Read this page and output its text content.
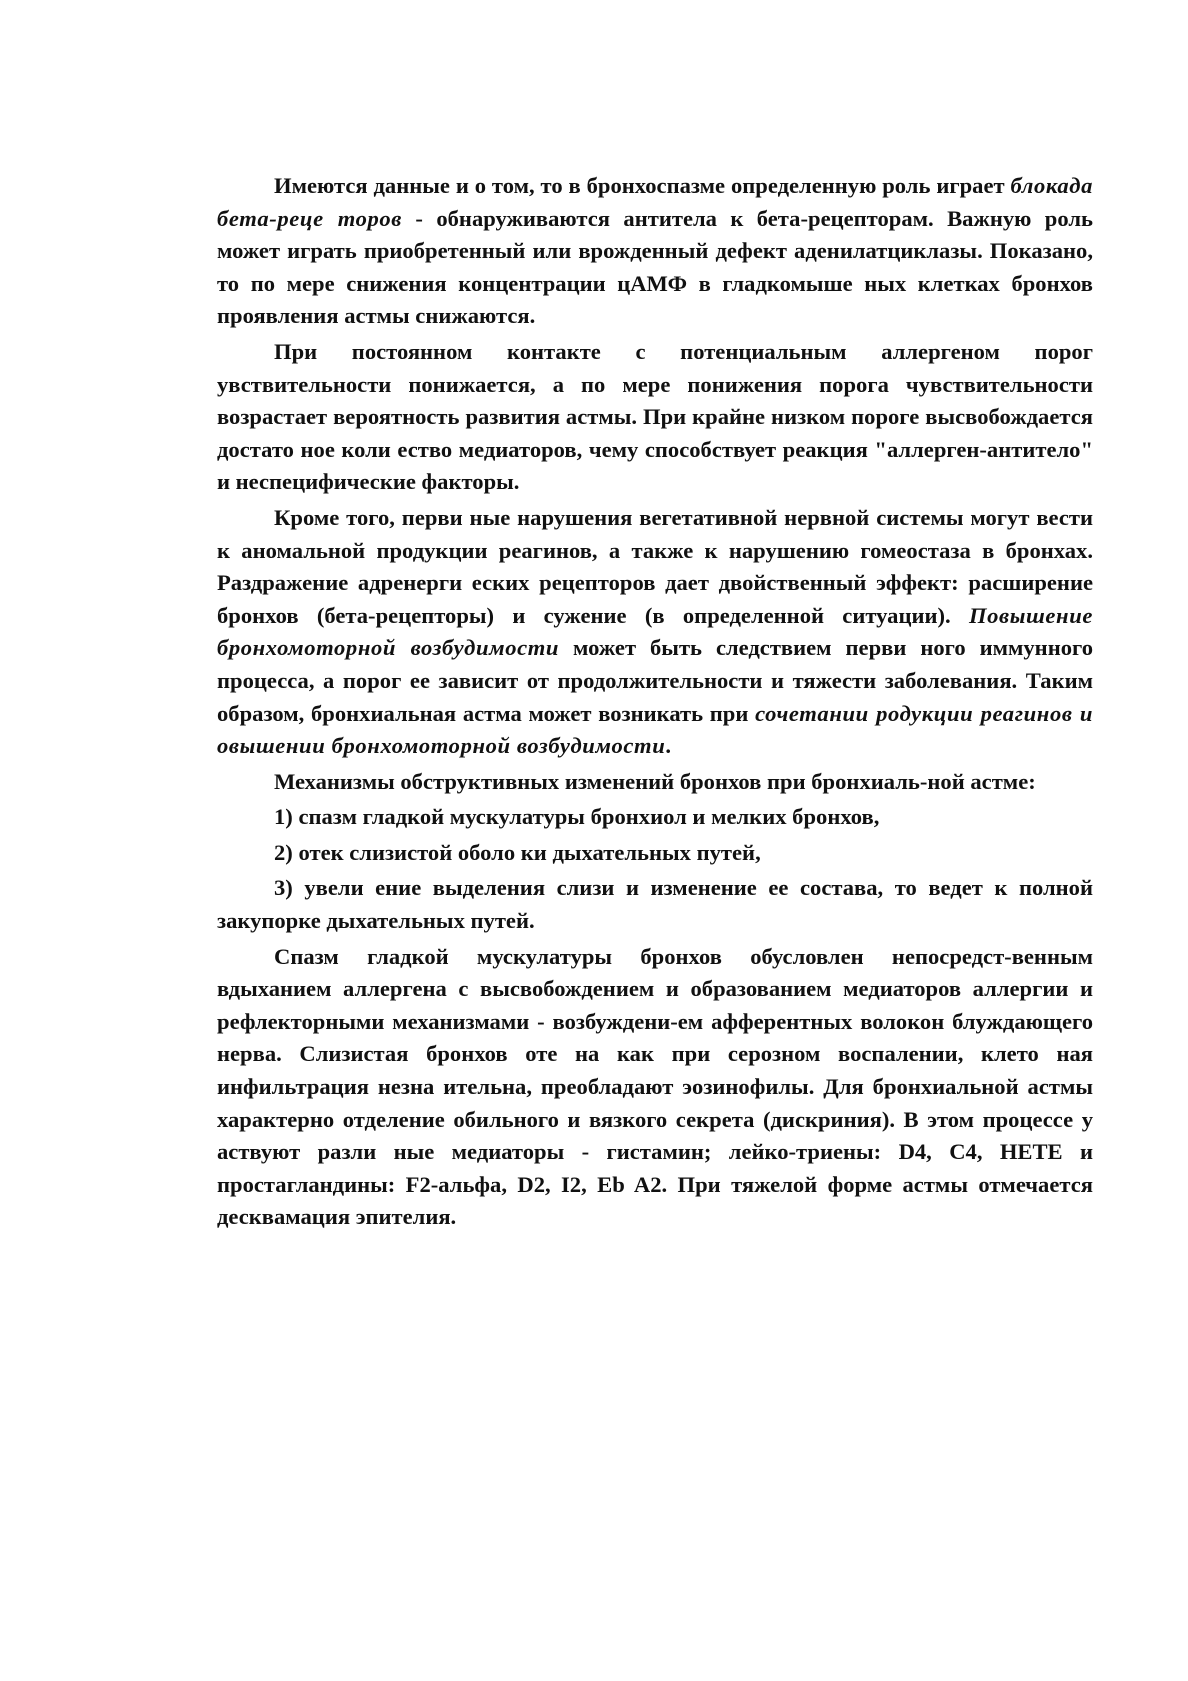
Имеются данные и о том, то в бронхоспазме определенную роль играет блокада бета-реце торов - обнаруживаются антитела к бета-рецепторам. Важную роль может играть приобретенный или врожденный дефект аденилатциклазы. Показано, то по мере снижения концентрации цАМФ в гладкомыше ных клетках бронхов проявления астмы снижаются.

При постоянном контакте с потенциальным аллергеном порог увствительности понижается, а по мере понижения порога чувствительности возрастает вероятность развития астмы. При крайне низком пороге высвобождается достато ное коли ество медиаторов, чему способствует реакция "аллерген-антитело" и неспецифические факторы.

Кроме того, перви ные нарушения вегетативной нервной системы могут вести к аномальной продукции реагинов, а также к нарушению гомеостаза в бронхах. Раздражение адренерги еских рецепторов дает двойственный эффект: расширение бронхов (бета-рецепторы) и сужение (в определенной ситуации). Повышение бронхомоторной возбудимости может быть следствием перви ного иммунного процесса, а порог ее зависит от продолжительности и тяжести заболевания. Таким образом, бронхиальная астма может возникать при сочетании родукции реагинов и овышении бронхомоторной возбудимости.

Механизмы обструктивных изменений бронхов при бронхиаль-ной астме:

1) спазм гладкой мускулатуры бронхиол и мелких бронхов,

2) отек слизистой оболо ки дыхательных путей,

3) увели ение выделения слизи и изменение ее состава, то ведет к полной закупорке дыхательных путей.

Спазм гладкой мускулатуры бронхов обусловлен непосредст-венным вдыханием аллергена с высвобождением и образованием медиаторов аллергии и рефлекторными механизмами - возбуждени-ем афферентных волокон блуждающего нерва. Слизистая бронхов оте на как при серозном воспалении, клето ная инфильтрация незна ительна, преобладают эозинофилы. Для бронхиальной астмы характерно отделение обильного и вязкого секрета (дискриния). В этом процессе у аствуют разли ные медиаторы - гистамин; лейко-триены: D4, C4, HETE и простагландины: F2-альфа, D2, I2, Eb A2. При тяжелой форме астмы отмечается десквамация эпителия.
